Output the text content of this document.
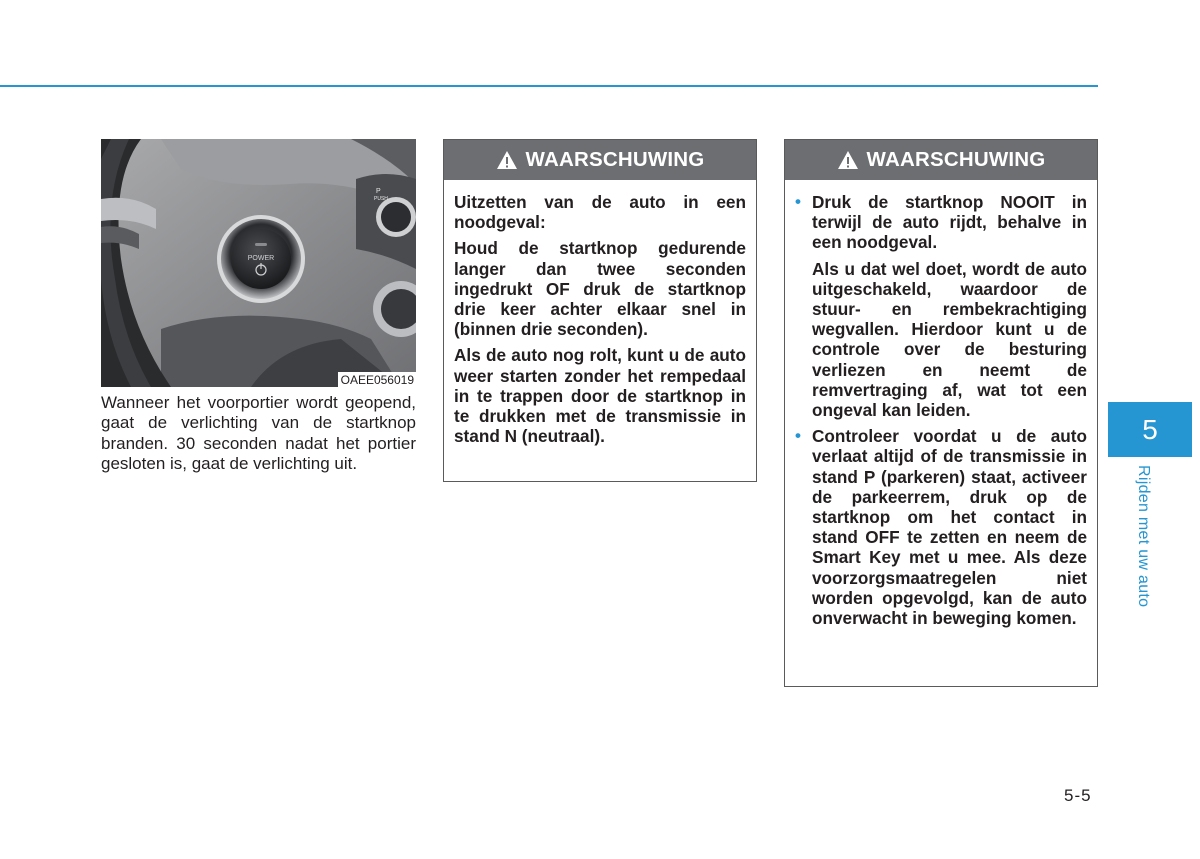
POWER
P
PUSH
OAEE056019
Wanneer het voorportier wordt geopend, gaat de verlichting van de startknop branden. 30 seconden nadat het portier gesloten is, gaat de verlichting uit.
WAARSCHUWING

Uitzetten van de auto in een noodgeval:

Houd de startknop gedurende langer dan twee seconden ingedrukt OF druk de startknop drie keer achter elkaar snel in (binnen drie seconden).

Als de auto nog rolt, kunt u de auto weer starten zonder het rempedaal in te trappen door de startknop in te drukken met de transmissie in stand N (neutraal).

WAARSCHUWING
• Druk de startknop NOOIT in terwijl de auto rijdt, behalve in een noodgeval.

Als u dat wel doet, wordt de auto uitgeschakeld, waardoor de stuur- en rembekrachtiging wegvallen. Hierdoor kunt u de controle over de besturing verliezen en neemt de remvertraging af, wat tot een ongeval kan leiden.

• Controleer voordat u de auto verlaat altijd of de transmissie in stand P (parkeren) staat, activeer de parkeerrem, druk op de startknop om het contact in stand OFF te zetten en neem de Smart Key met u mee. Als deze voorzorgsmaatregelen niet worden opgevolgd, kan de auto onverwacht in beweging komen.

5
Rijden met uw auto
5-5
